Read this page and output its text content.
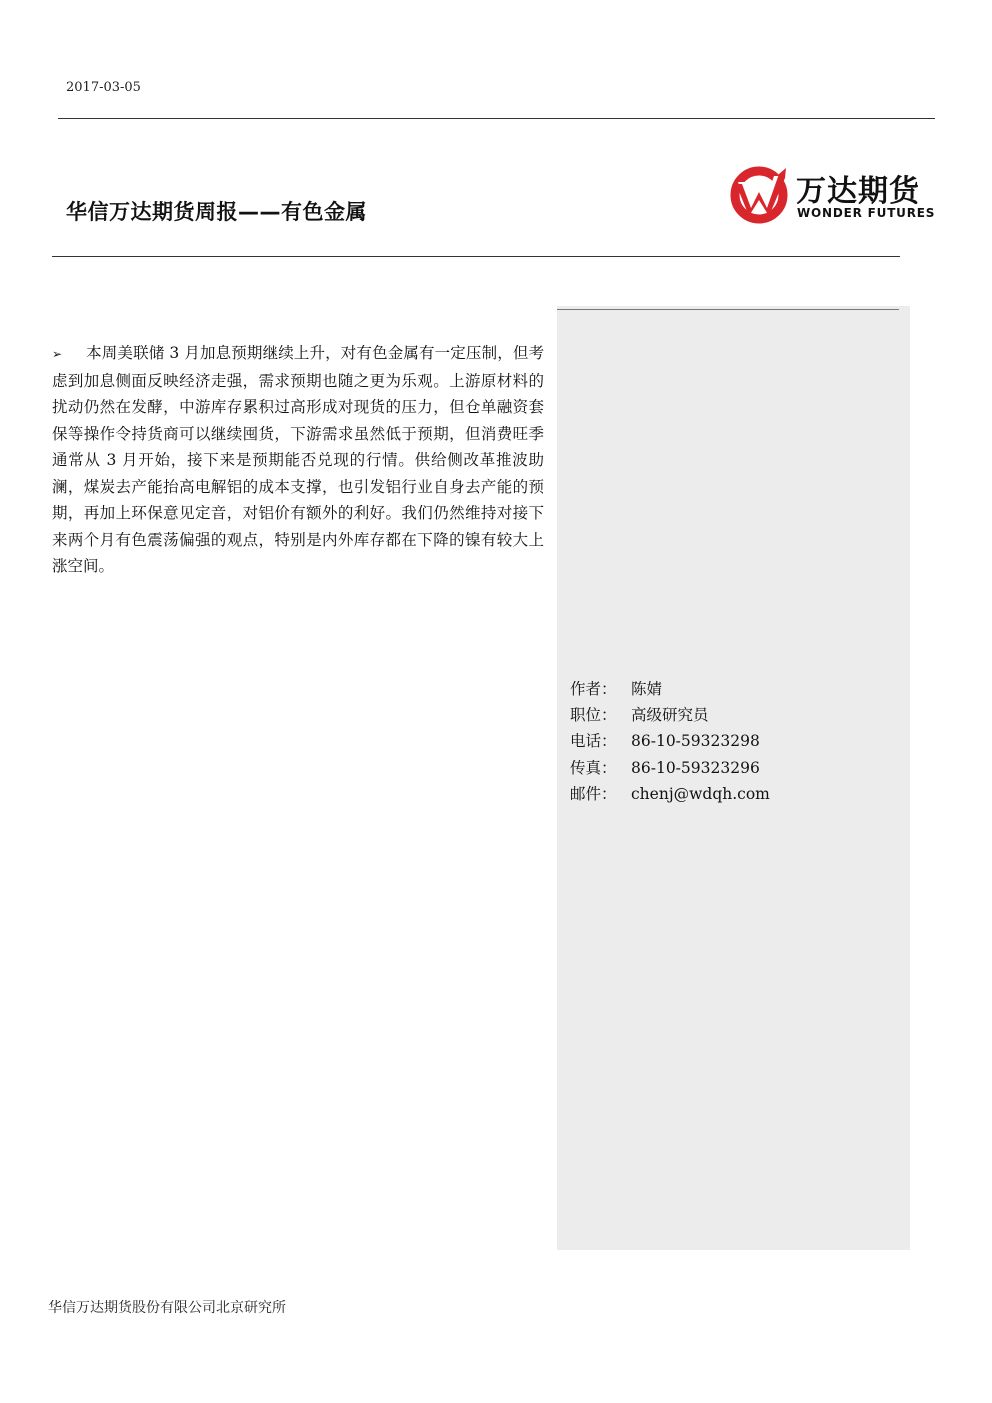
2017-03-05
华信万达期货周报——有色金属
万达期货
WONDER FUTURES
➢ 本周美联储 3 月加息预期继续上升，对有色金属有一定压制，但考虑到加息侧面反映经济走强，需求预期也随之更为乐观。上游原材料的扰动仍然在发酵，中游库存累积过高形成对现货的压力，但仓单融资套保等操作令持货商可以继续囤货，下游需求虽然低于预期，但消费旺季通常从 3 月开始，接下来是预期能否兑现的行情。供给侧改革推波助澜，煤炭去产能抬高电解铝的成本支撑，也引发铝行业自身去产能的预期，再加上环保意见定音，对铝价有额外的利好。我们仍然维持对接下来两个月有色震荡偏强的观点，特别是内外库存都在下降的镍有较大上涨空间。
作者： 陈婧
职位： 高级研究员
电话： 86-10-59323298
传真： 86-10-59323296
邮件： chenj@wdqh.com
华信万达期货股份有限公司北京研究所
